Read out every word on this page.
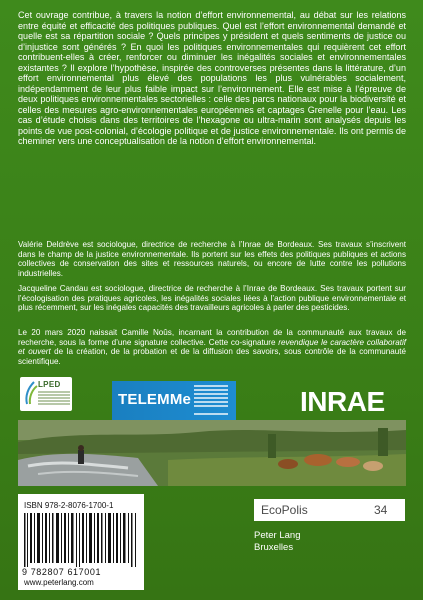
Cet ouvrage contribue, à travers la notion d’effort environnemental, au débat sur les relations entre équité et efficacité des politiques publiques. Quel est l’effort environnemental demandé et quelle est sa répartition sociale ? Quels principes y président et quels sentiments de justice ou d’injustice sont générés ? En quoi les politiques environnementales qui requièrent cet effort contribuent-elles à créer, renforcer ou diminuer les inégalités sociales et environnementales existantes ? Il explore l’hypothèse, inspirée des controverses présentes dans la littérature, d’un effort environnemental plus élevé des populations les plus vulnérables socialement, indépendamment de leur plus faible impact sur l’environnement. Elle est mise à l’épreuve de deux politiques environnementales sectorielles : celle des parcs nationaux pour la biodiversité et celles des mesures agro-environnementales européennes et captages Grenelle pour l’eau. Les cas d’étude choisis dans des territoires de l’hexagone ou ultra-marin sont analysés depuis les points de vue post-colonial, d’écologie politique et de justice environnementale. Ils ont permis de cheminer vers une conceptualisation de la notion d’effort environnemental.

Valérie Deldrève est sociologue, directrice de recherche à l’Inrae de Bordeaux. Ses travaux s’inscrivent dans le champ de la justice environnementale. Ils portent sur les effets des politiques publiques et actions collectives de conservation des sites et ressources naturels, ou encore de lutte contre les pollutions industrielles.

Jacqueline Candau est sociologue, directrice de recherche à l’Inrae de Bordeaux. Ses travaux portent sur l’écologisation des pratiques agricoles, les inégalités sociales liées à l’action publique environnementale et plus récemment, sur les inégales capacités des travailleurs agricoles à parler des pesticides.

Le 20 mars 2020 naissait Camille Noûs, incarnant la contribution de la communauté aux travaux de recherche, sous la forme d’une signature collective. Cette co-signature revendique le caractère collaboratif et ouvert de la création, de la probation et de la diffusion des savoirs, sous contrôle de la communauté scientifique.

LPED
TELEMMe	INRAE
ISBN 978-2-8076-1700-1
9 782807 617001
www.peterlang.com
EcoPolis	34
Peter Lang
Bruxelles
